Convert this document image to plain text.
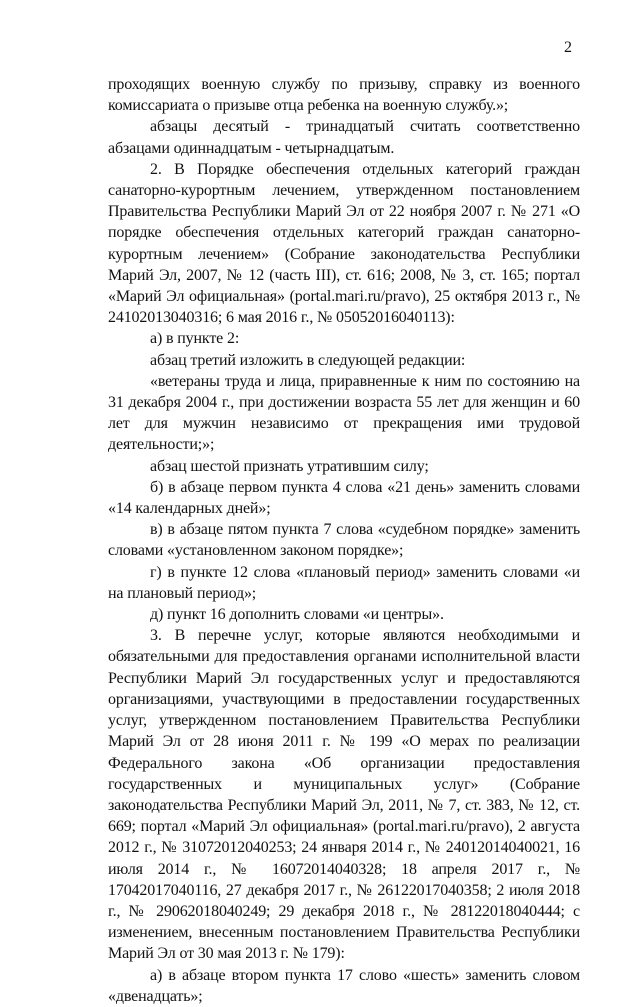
2

проходящих военную службу по призыву, справку из военного комиссариата о призыве отца ребенка на военную службу.»;

абзацы десятый - тринадцатый считать соответственно абзацами одиннадцатым - четырнадцатым.

2. В Порядке обеспечения отдельных категорий граждан санаторно-курортным лечением, утвержденном постановлением Правительства Республики Марий Эл от 22 ноября 2007 г. № 271 «О порядке обеспечения отдельных категорий граждан санаторно-курортным лечением» (Собрание законодательства Республики Марий Эл, 2007, № 12 (часть III), ст. 616; 2008, № 3, ст. 165; портал «Марий Эл официальная» (portal.mari.ru/pravo), 25 октября 2013 г., № 24102013040316; 6 мая 2016 г., № 05052016040113):

а) в пункте 2:

абзац третий изложить в следующей редакции:

«ветераны труда и лица, приравненные к ним по состоянию на 31 декабря 2004 г., при достижении возраста 55 лет для женщин и 60 лет для мужчин независимо от прекращения ими трудовой деятельности;»;

абзац шестой признать утратившим силу;

б) в абзаце первом пункта 4 слова «21 день» заменить словами «14 календарных дней»;

в) в абзаце пятом пункта 7 слова «судебном порядке» заменить словами «установленном законом порядке»;

г) в пункте 12 слова «плановый период» заменить словами «и на плановый период»;

д) пункт 16 дополнить словами «и центры».

3. В перечне услуг, которые являются необходимыми и обязательными для предоставления органами исполнительной власти Республики Марий Эл государственных услуг и предоставляются организациями, участвующими в предоставлении государственных услуг, утвержденном постановлением Правительства Республики Марий Эл от 28 июня 2011 г. № 199 «О мерах по реализации Федерального закона «Об организации предоставления государственных и муниципальных услуг» (Собрание законодательства Республики Марий Эл, 2011, № 7, ст. 383, № 12, ст. 669; портал «Марий Эл официальная» (portal.mari.ru/pravo), 2 августа 2012 г., № 31072012040253; 24 января 2014 г., № 24012014040021, 16 июля 2014 г., № 16072014040328; 18 апреля 2017 г., № 17042017040116, 27 декабря 2017 г., № 26122017040358; 2 июля 2018 г., № 29062018040249; 29 декабря 2018 г., № 28122018040444; с изменением, внесенным постановлением Правительства Республики Марий Эл от 30 мая 2013 г. № 179):

а) в абзаце втором пункта 17 слово «шесть» заменить словом «двенадцать»;
